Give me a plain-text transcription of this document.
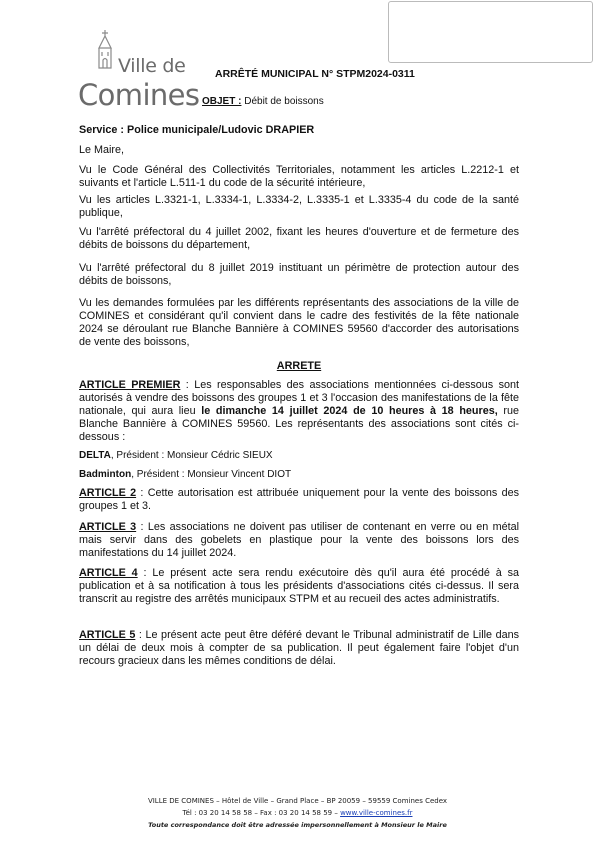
Ville de
Comines
ARRÊTÉ MUNICIPAL N° STPM2024-0311
OBJET : Débit de boissons
Service : Police municipale/Ludovic DRAPIER
Le Maire,
Vu le Code Général des Collectivités Territoriales, notamment les articles L.2212-1 et suivants et l'article L.511-1 du code de la sécurité intérieure,
Vu les articles L.3321-1, L.3334-1, L.3334-2, L.3335-1 et L.3335-4 du code de la santé publique,
Vu l'arrêté préfectoral du 4 juillet 2002, fixant les heures d'ouverture et de fermeture des débits de boissons du département,
Vu l'arrêté préfectoral du 8 juillet 2019 instituant un périmètre de protection autour des débits de boissons,
Vu les demandes formulées par les différents représentants des associations de la ville de COMINES et considérant qu'il convient dans le cadre des festivités de la fête nationale 2024 se déroulant rue Blanche Bannière à COMINES 59560 d'accorder des autorisations de vente des boissons,
ARRETE
ARTICLE PREMIER : Les responsables des associations mentionnées ci-dessous sont autorisés à vendre des boissons des groupes 1 et 3 l'occasion des manifestations de la fête nationale, qui aura lieu le dimanche 14 juillet 2024 de 10 heures à 18 heures, rue Blanche Bannière à COMINES 59560. Les représentants des associations sont cités ci-dessous :
DELTA, Président : Monsieur Cédric SIEUX
Badminton, Président : Monsieur Vincent DIOT
ARTICLE 2 : Cette autorisation est attribuée uniquement pour la vente des boissons des groupes 1 et 3.
ARTICLE 3 : Les associations ne doivent pas utiliser de contenant en verre ou en métal mais servir dans des gobelets en plastique pour la vente des boissons lors des manifestations du 14 juillet 2024.
ARTICLE 4 : Le présent acte sera rendu exécutoire dès qu'il aura été procédé à sa publication et à sa notification à tous les présidents d'associations cités ci-dessus. Il sera transcrit au registre des arrêtés municipaux STPM et au recueil des actes administratifs.
ARTICLE 5 : Le présent acte peut être déféré devant le Tribunal administratif de Lille dans un délai de deux mois à compter de sa publication. Il peut également faire l'objet d'un recours gracieux dans les mêmes conditions de délai.
VILLE DE COMINES – Hôtel de Ville – Grand Place – BP 20059 – 59559 Comines Cedex
Tél : 03 20 14 58 58 – Fax : 03 20 14 58 59 – www.ville-comines.fr
Toute correspondance doit être adressée impersonnellement à Monsieur le Maire
